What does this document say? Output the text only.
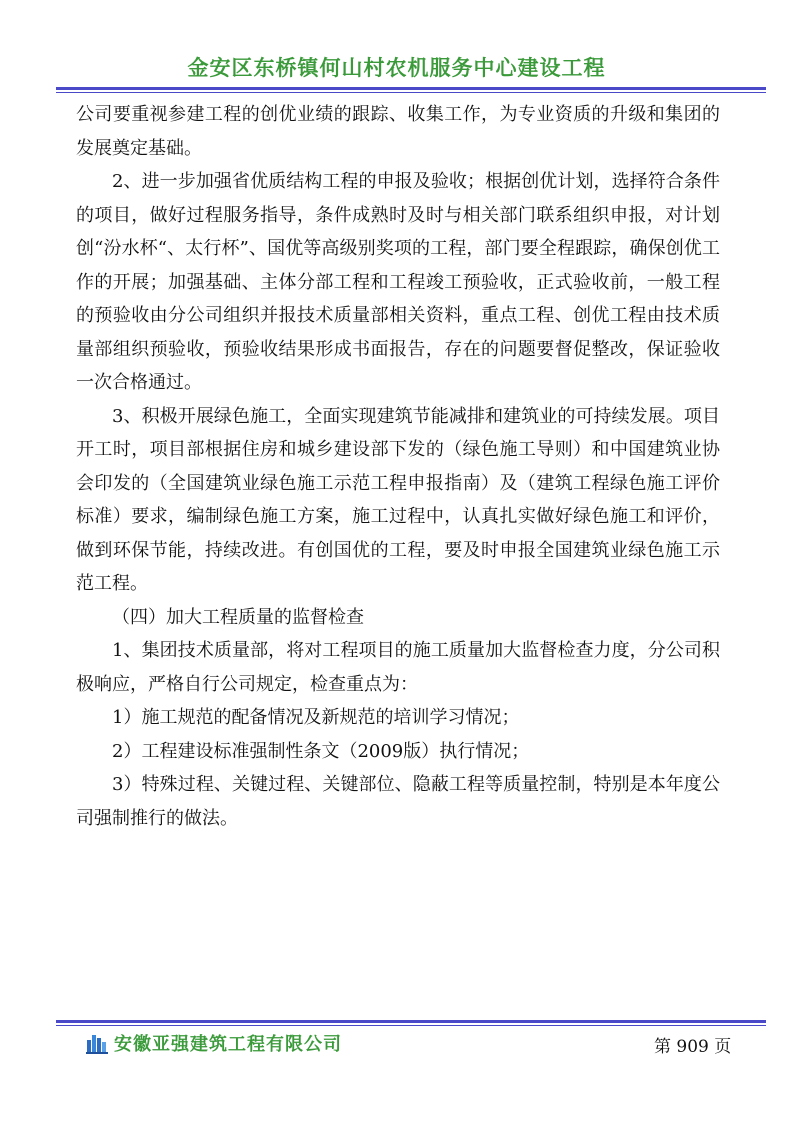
金安区东桥镇何山村农机服务中心建设工程

公司要重视参建工程的创优业绩的跟踪、收集工作，为专业资质的升级和集团的发展奠定基础。

2、进一步加强省优质结构工程的申报及验收；根据创优计划，选择符合条件的项目，做好过程服务指导，条件成熟时及时与相关部门联系组织申报，对计划创“汾水杯“、太行杯”、国优等高级别奖项的工程，部门要全程跟踪，确保创优工作的开展；加强基础、主体分部工程和工程竣工预验收，正式验收前，一般工程的预验收由分公司组织并报技术质量部相关资料，重点工程、创优工程由技术质量部组织预验收，预验收结果形成书面报告，存在的问题要督促整改，保证验收一次合格通过。

3、积极开展绿色施工，全面实现建筑节能减排和建筑业的可持续发展。项目开工时，项目部根据住房和城乡建设部下发的（绿色施工导则）和中国建筑业协会印发的（全国建筑业绿色施工示范工程申报指南）及（建筑工程绿色施工评价标准）要求，编制绿色施工方案，施工过程中，认真扎实做好绿色施工和评价，做到环保节能，持续改进。有创国优的工程，要及时申报全国建筑业绿色施工示范工程。

（四）加大工程质量的监督检查

1、集团技术质量部，将对工程项目的施工质量加大监督检查力度，分公司积极响应，严格自行公司规定，检查重点为：

1）施工规范的配备情况及新规范的培训学习情况；

2）工程建设标准强制性条文（2009版）执行情况；

3）特殊过程、关键过程、关键部位、隐蔽工程等质量控制，特别是本年度公司强制推行的做法。

安徽亚强建筑工程有限公司	第 909 页
